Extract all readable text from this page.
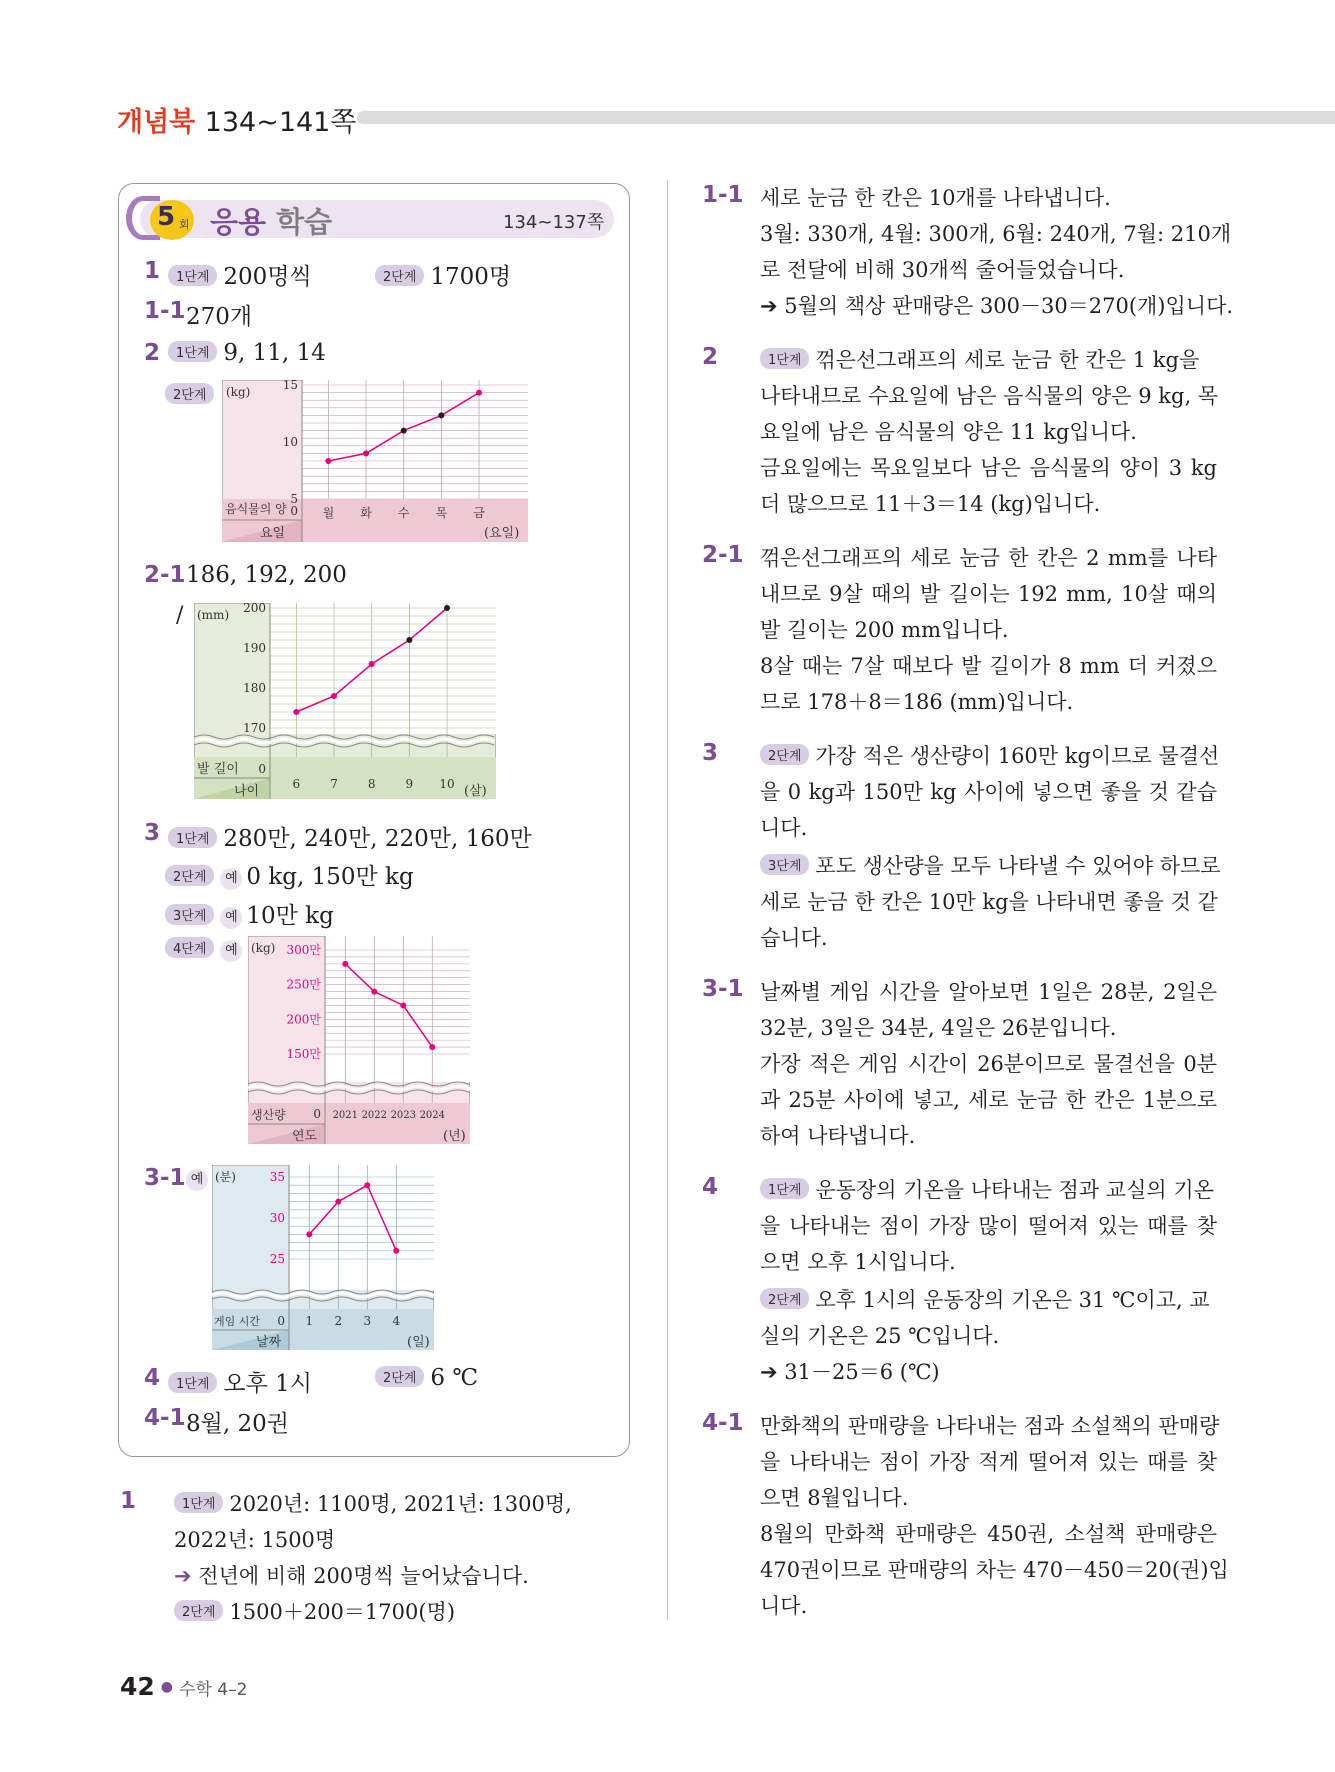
개념북 134~141쪽
5 회 응용 학습	134~137쪽
1	1단계 200명씩	2단계 1700명
1-1 270개
2	1단계 9, 11, 14
2단계
15
10
5
0 월 화 수 목 금
(kg)
음식물의 양
요일	(요일)
2-1 186, 192, 200
/	200
190
180
170
0
6	7	8	9 10
(mm)
발 길이
나이	(살)
3	1단계 280만, 240만, 220만, 160만
2단계 예 0 kg, 150만 kg
3단계 예 10만 kg
4단계 예	300만
250만
200만
150만
0 2021 2022 2023 2024
(kg)
생산량
연도	(년)
3-1 예	35
30
25
0 1 2 3 4
(분)
게임 시간
날짜	(일)
4	1단계 오후 1시	2단계 6 ℃
4-1 8월, 20권
1	1단계 2020년: 1100명, 2021년: 1300명,
2022년: 1500명
➔ 전년에 비해 200명씩 늘어났습니다.
2단계 1500＋200＝1700(명)
1-1 세로 눈금 한 칸은 10개를 나타냅니다.
3월: 330개, 4월: 300개, 6월: 240개, 7월: 210개
로 전달에 비해 30개씩 줄어들었습니다.
➔ 5월의 책상 판매량은 300－30＝270(개)입니다.
2	1단계 꺾은선그래프의 세로 눈금 한 칸은 1 kg을
나타내므로 수요일에 남은 음식물의 양은 9 kg, 목
요일에 남은 음식물의 양은 11 kg입니다.
금요일에는 목요일보다 남은 음식물의 양이 3 kg
더 많으므로 11＋3＝14 (kg)입니다.
2-1 꺾은선그래프의 세로 눈금 한 칸은 2 mm를 나타
내므로 9살 때의 발 길이는 192 mm, 10살 때의
발 길이는 200 mm입니다.
8살 때는 7살 때보다 발 길이가 8 mm 더 커졌으
므로 178＋8＝186 (mm)입니다.
3	2단계 가장 적은 생산량이 160만 kg이므로 물결선
을 0 kg과 150만 kg 사이에 넣으면 좋을 것 같습
니다.
3단계 포도 생산량을 모두 나타낼 수 있어야 하므로
세로 눈금 한 칸은 10만 kg을 나타내면 좋을 것 같
습니다.
3-1 날짜별 게임 시간을 알아보면 1일은 28분, 2일은
32분, 3일은 34분, 4일은 26분입니다.
가장 적은 게임 시간이 26분이므로 물결선을 0분
과 25분 사이에 넣고, 세로 눈금 한 칸은 1분으로
하여 나타냅니다.
4	1단계 운동장의 기온을 나타내는 점과 교실의 기온
을 나타내는 점이 가장 많이 떨어져 있는 때를 찾
으면 오후 1시입니다.
2단계 오후 1시의 운동장의 기온은 31 ℃이고, 교
실의 기온은 25 ℃입니다.
➔ 31－25＝6 (℃)
4-1 만화책의 판매량을 나타내는 점과 소설책의 판매량
을 나타내는 점이 가장 적게 떨어져 있는 때를 찾
으면 8월입니다.
8월의 만화책 판매량은 450권, 소설책 판매량은
470권이므로 판매량의 차는 470－450＝20(권)입
니다.
42 ● 수학 4–2
